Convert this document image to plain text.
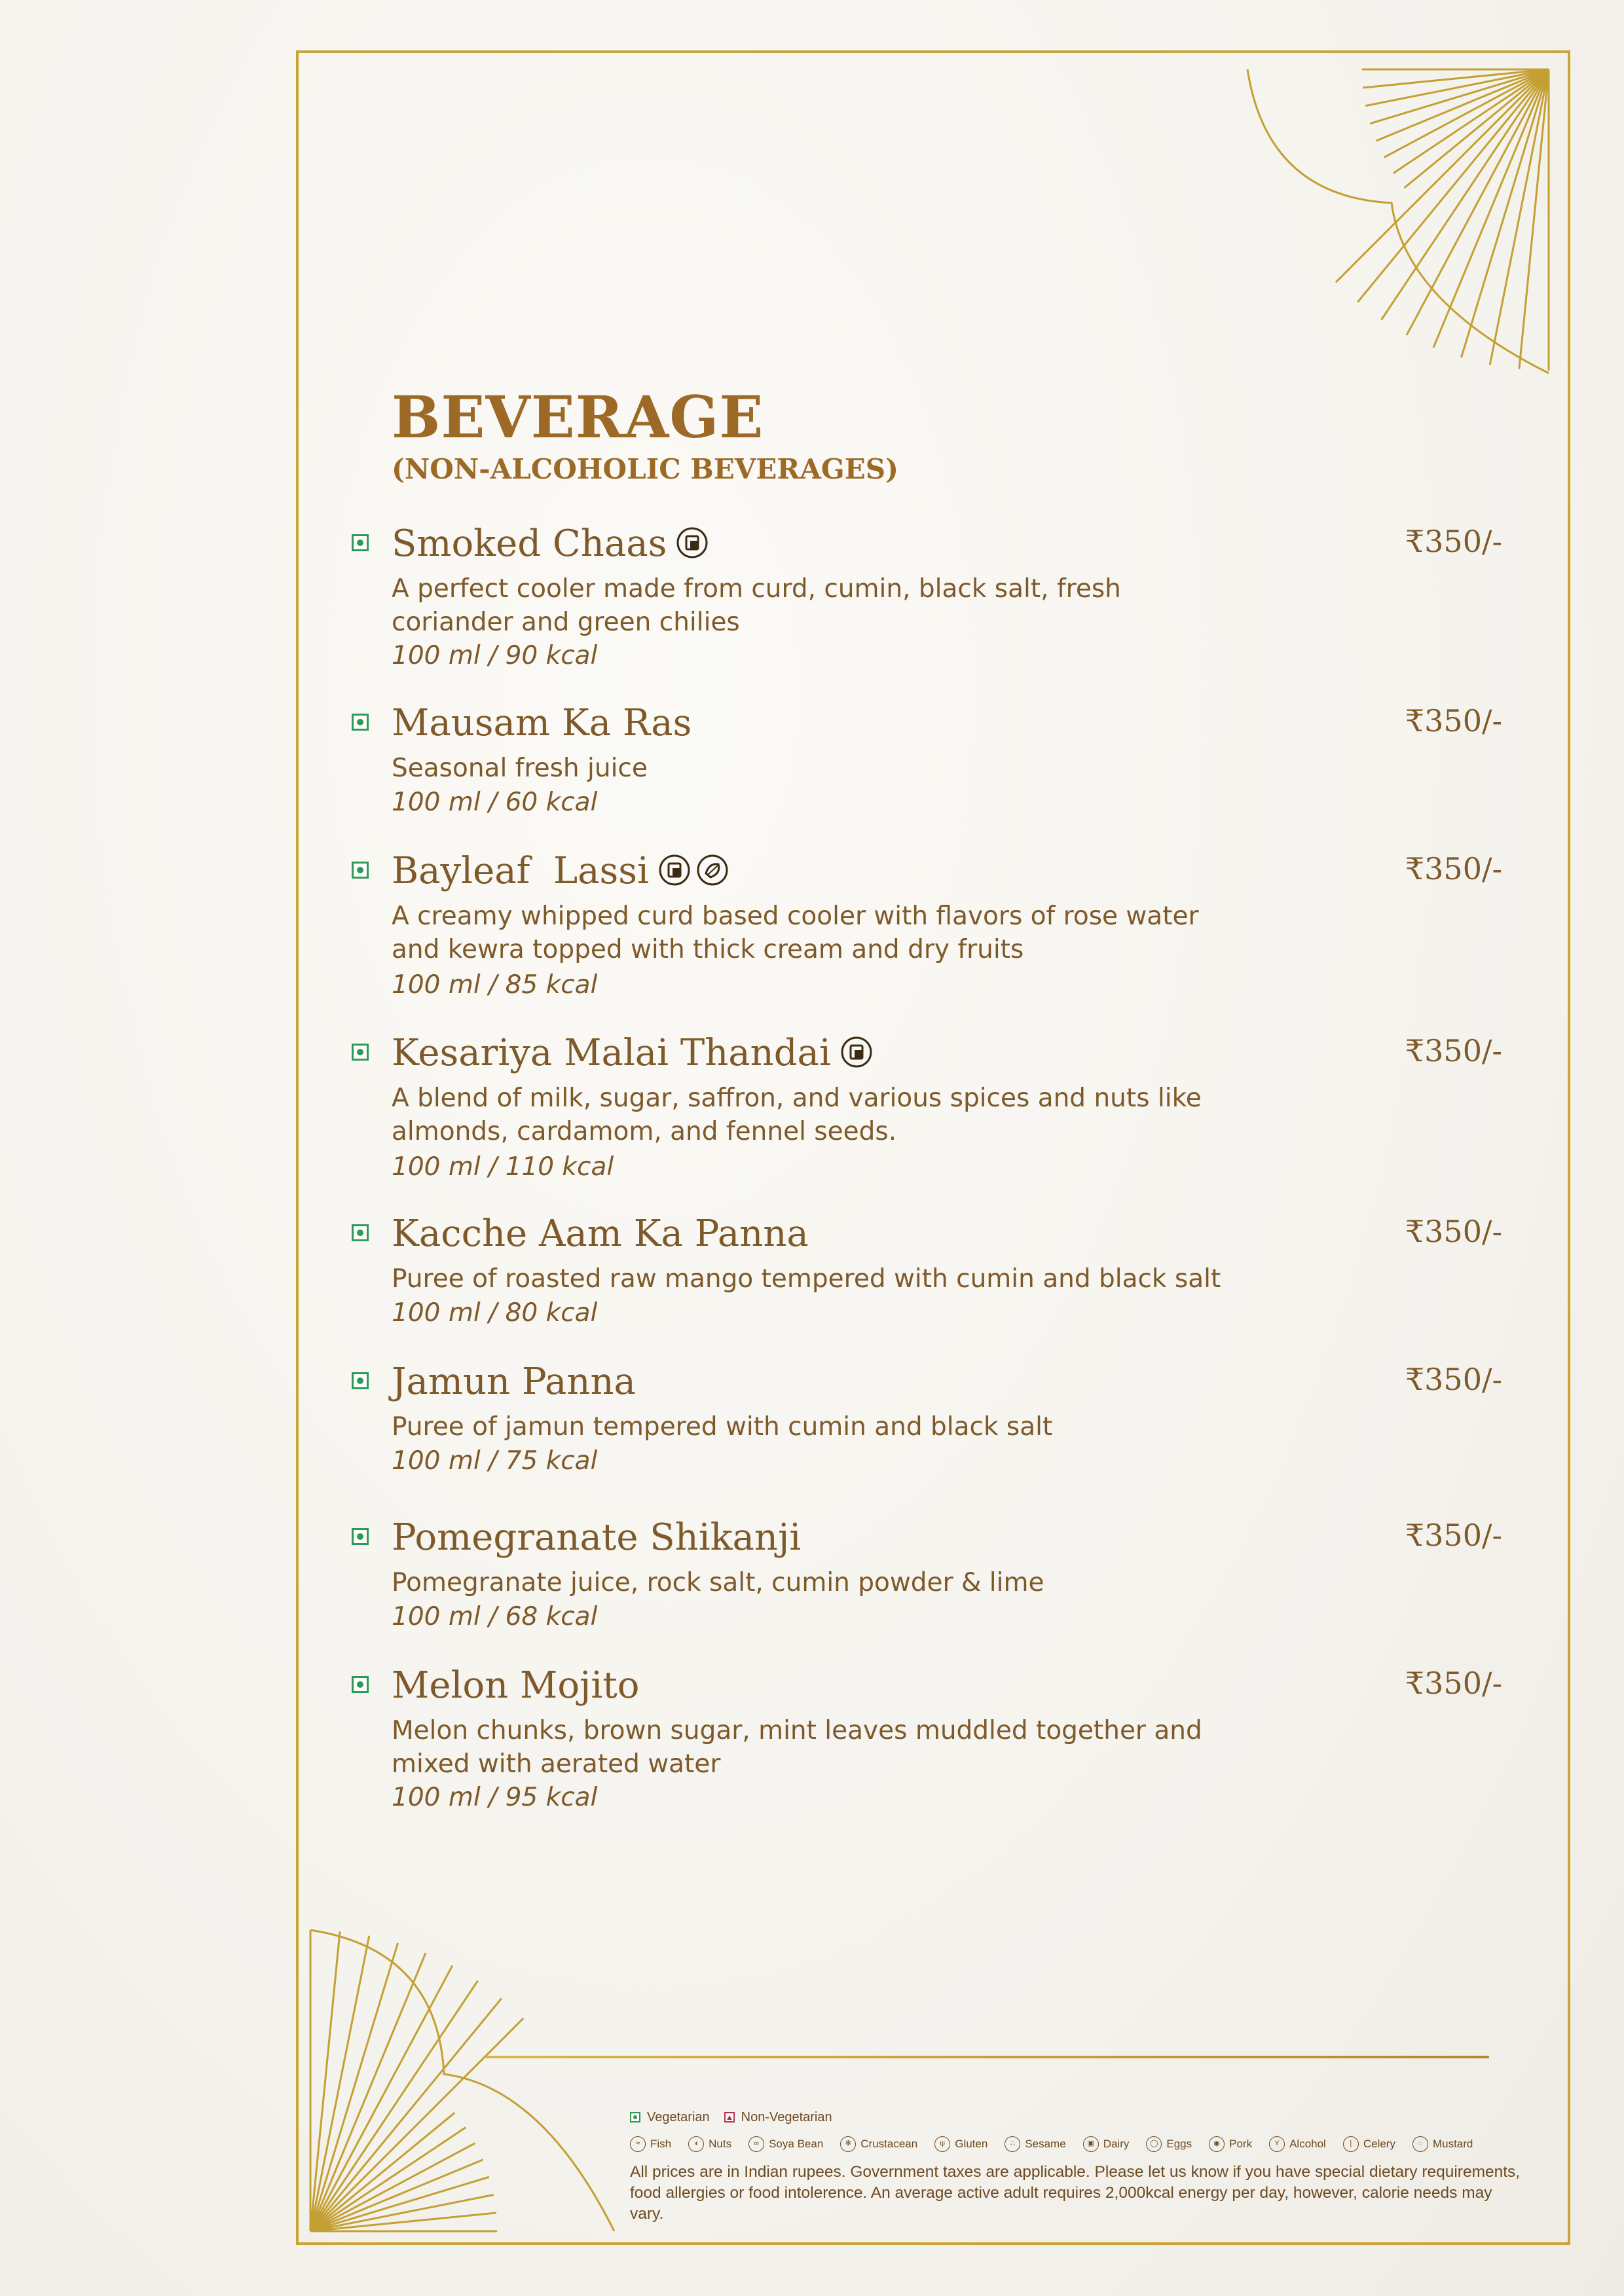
BEVERAGE
(NON-ALCOHOLIC BEVERAGES)
Smoked Chaas	₹350/-
A perfect cooler made from curd, cumin, black salt, fresh coriander and green chilies
100 ml / 90 kcal
Mausam Ka Ras	₹350/-
Seasonal fresh juice
100 ml / 60 kcal
Bayleaf  Lassi	₹350/-
A creamy whipped curd based cooler with flavors of rose water and kewra topped with thick cream and dry fruits
100 ml / 85 kcal
Kesariya Malai Thandai	₹350/-
A blend of milk, sugar, saffron, and various spices and nuts like almonds, cardamom, and fennel seeds.
100 ml / 110 kcal
Kacche Aam Ka Panna	₹350/-
Puree of roasted raw mango tempered with cumin and black salt
100 ml / 80 kcal
Jamun Panna	₹350/-
Puree of jamun tempered with cumin and black salt
100 ml / 75 kcal
Pomegranate Shikanji	₹350/-
Pomegranate juice, rock salt, cumin powder & lime
100 ml / 68 kcal
Melon Mojito	₹350/-
Melon chunks, brown sugar, mint leaves muddled together and mixed with aerated water
100 ml / 95 kcal
Vegetarian Non-Vegetarian
≈ Fish	◖ Nuts	∞ Soya Bean	✻ Crustacean	ψ Gluten	∴ Sesame	▣ Dairy	◯ Eggs	◉ Pork	Y Alcohol	|	Celery	◌ Mustard
All prices are in Indian rupees. Government taxes are applicable. Please let us know if you have special dietary requirements, food allergies or food intolerence. An average active adult requires 2,000kcal energy per day, however, calorie needs may vary.
